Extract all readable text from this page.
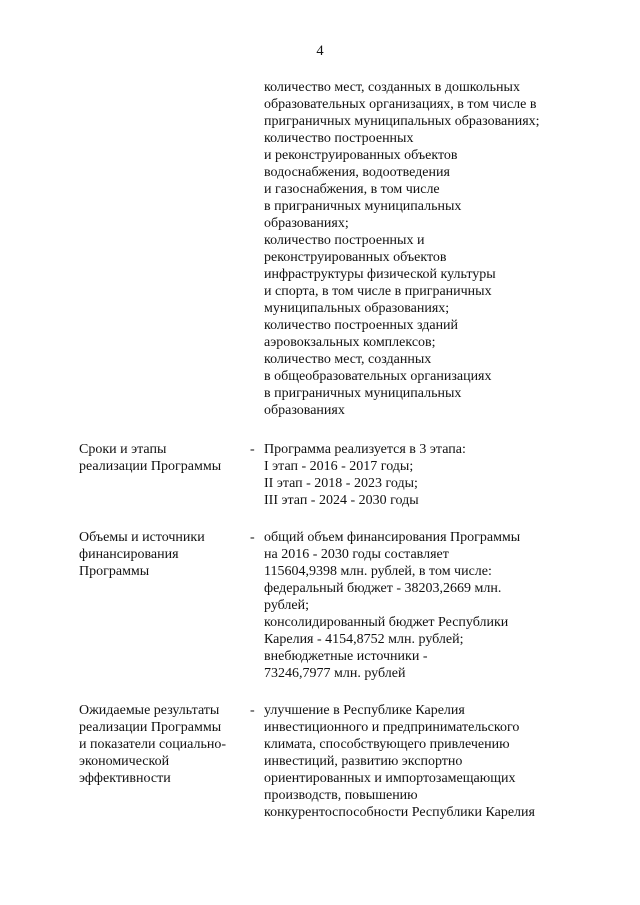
4
количество мест, созданных в дошкольных
образовательных организациях, в том числе в
приграничных муниципальных образованиях;
количество построенных
и реконструированных объектов
водоснабжения, водоотведения
и газоснабжения, в том числе
в приграничных муниципальных
образованиях;
количество построенных и
реконструированных объектов
инфраструктуры физической культуры
и спорта, в том числе в приграничных
муниципальных образованиях;
количество построенных зданий
аэровокзальных комплексов;
количество мест, созданных
в общеобразовательных организациях
в приграничных муниципальных
образованиях
Сроки и этапы
реализации Программы
- Программа реализуется в 3 этапа:
I этап - 2016 - 2017 годы;
II этап - 2018 - 2023 годы;
III этап - 2024 - 2030 годы
Объемы и источники
финансирования
Программы
- общий объем финансирования Программы
на 2016 - 2030 годы составляет
115604,9398 млн. рублей, в том числе:
федеральный бюджет - 38203,2669 млн.
рублей;
консолидированный бюджет Республики
Карелия - 4154,8752 млн. рублей;
внебюджетные источники -
73246,7977 млн. рублей
Ожидаемые результаты
реализации Программы
и показатели социально-
экономической
эффективности
- улучшение в Республике Карелия
инвестиционного и предпринимательского
климата, способствующего привлечению
инвестиций, развитию экспортно
ориентированных и импортозамещающих
производств, повышению
конкурентоспособности Республики Карелия
